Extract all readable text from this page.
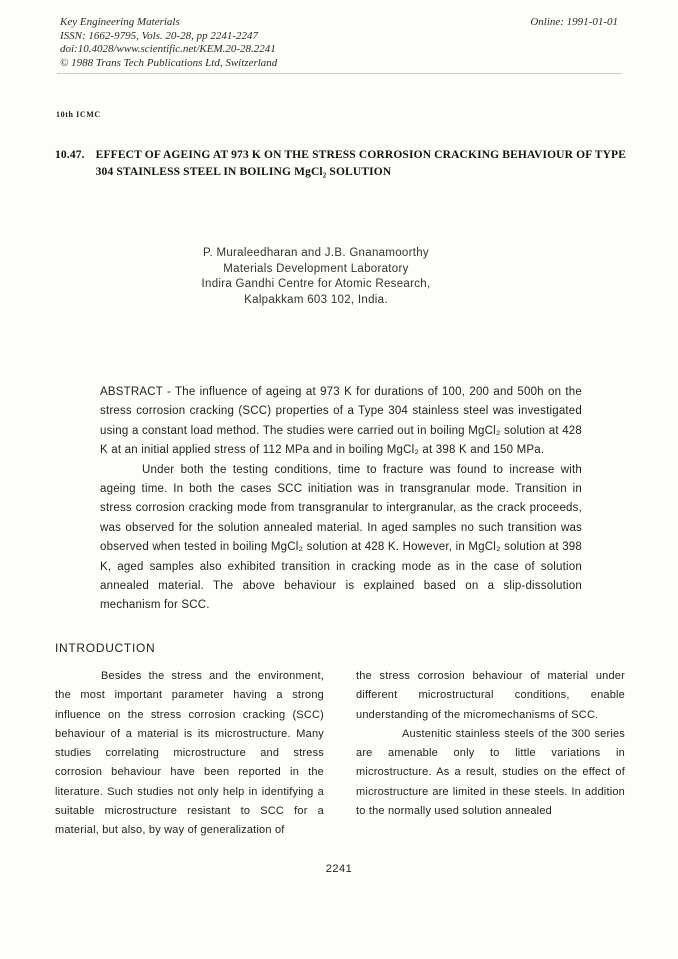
Key Engineering Materials
ISSN: 1662-9795, Vols. 20-28, pp 2241-2247
doi:10.4028/www.scientific.net/KEM.20-28.2241
© 1988 Trans Tech Publications Ltd, Switzerland
Online: 1991-01-01
10th ICMC
10.47. EFFECT OF AGEING AT 973 K ON THE STRESS CORROSION CRACKING BEHAVIOUR OF TYPE 304 STAINLESS STEEL IN BOILING MgCl₂ SOLUTION
P. Muraleedharan and J.B. Gnanamoorthy
Materials Development Laboratory
Indira Gandhi Centre for Atomic Research,
Kalpakkam 603 102, India.

ABSTRACT - The influence of ageing at 973 K for durations of 100, 200 and 500h on the stress corrosion cracking (SCC) properties of a Type 304 stainless steel was investigated using a constant load method. The studies were carried out in boiling MgCl₂ solution at 428 K at an initial applied stress of 112 MPa and in boiling MgCl₂ at 398 K and 150 MPa.

Under both the testing conditions, time to fracture was found to increase with ageing time. In both the cases SCC initiation was in transgranular mode. Transition in stress corrosion cracking mode from transgranular to intergranular, as the crack proceeds, was observed for the solution annealed material. In aged samples no such transition was observed when tested in boiling MgCl₂ solution at 428 K. However, in MgCl₂ solution at 398 K, aged samples also exhibited transition in cracking mode as in the case of solution annealed material. The above behaviour is explained based on a slip-dissolution mechanism for SCC.

INTRODUCTION

Besides the stress and the environment, the most important parameter having a strong influence on the stress corrosion cracking (SCC) behaviour of a material is its microstructure. Many studies correlating microstructure and stress corrosion behaviour have been reported in the literature. Such studies not only help in identifying a suitable microstructure resistant to SCC for a material, but also, by way of generalization of

the stress corrosion behaviour of material under different microstructural conditions, enable understanding of the micromechanisms of SCC.

Austenitic stainless steels of the 300 series are amenable only to little variations in microstructure. As a result, studies on the effect of microstructure are limited in these steels. In addition to the normally used solution annealed

2241
